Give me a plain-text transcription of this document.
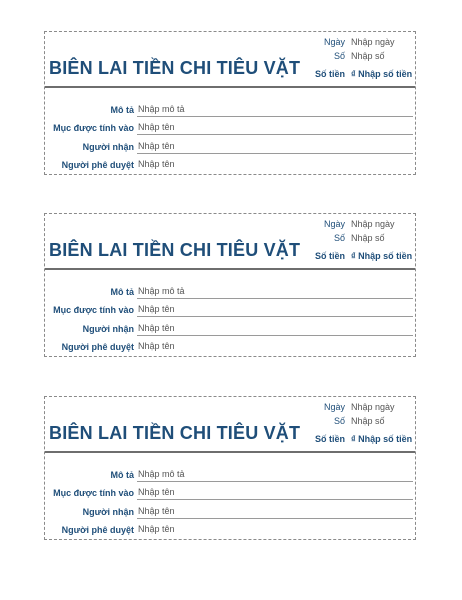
Ngày Nhập ngày
Số Nhập số
BIÊN LAI TIỀN CHI TIÊU VẶT Số tiền ₫ Nhập số tiền
Mô tả Nhập mô tả
Mục được tính vào Nhập tên
Người nhận Nhập tên
Người phê duyệt Nhập tên
Ngày Nhập ngày
Số Nhập số
BIÊN LAI TIỀN CHI TIÊU VẶT Số tiền ₫ Nhập số tiền
Mô tả Nhập mô tả
Mục được tính vào Nhập tên
Người nhận Nhập tên
Người phê duyệt Nhập tên
Ngày Nhập ngày
Số Nhập số
BIÊN LAI TIỀN CHI TIÊU VẶT Số tiền ₫ Nhập số tiền
Mô tả Nhập mô tả
Mục được tính vào Nhập tên
Người nhận Nhập tên
Người phê duyệt Nhập tên
